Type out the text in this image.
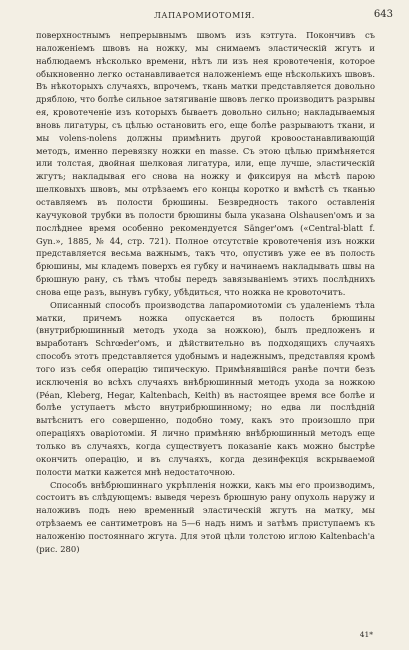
ЛАПАРОМИОТОМІЯ.	643

поверхностнымъ непрерывнымъ швомъ изъ кэтгута. Покончивъ съ наложеніемъ швовъ на ножку, мы снимаемъ эластическій жгутъ и наблюдаемъ нѣсколько времени, нѣтъ ли изъ нея кровотеченія, которое обыкновенно легко останавливается наложеніемъ еще нѣсколькихъ швовъ. Въ нѣкоторыхъ случаяхъ, впрочемъ, ткань матки представляется довольно дряблою, что болѣе сильное затягиваніе швовъ легко производитъ разрывы ея, кровотеченіе изъ которыхъ бываетъ довольно сильно; накладываемыя вновь лигатуры, съ цѣлью остановить его, еще болѣе разрываютъ ткани, и мы volens-nolens должны примѣнить другой кровоостанавливающій методъ, именно перевязку ножки en masse. Съ этою цѣлью примѣняется или толстая, двойная шелковая лигатура, или, еще лучше, эластическій жгутъ; накладывая его снова на ножку и фиксируя на мѣстѣ парою шелковыхъ швовъ, мы отрѣзаемъ его концы коротко и вмѣстѣ съ тканью оставляемъ въ полости брюшины. Безвредность такого оставленія каучуковой трубки въ полости брюшины была указана Olshausen'омъ и за послѣднее время особенно рекомендуется Sänger'омъ («Central-blatt f. Gyn.», 1885, № 44, стр. 721). Полное отсутствіе кровотеченія изъ ножки представляется весьма важнымъ, такъ что, опустивъ уже ее въ полость брюшины, мы кладемъ поверхъ ея губку и начинаемъ накладывать швы на брюшную рану, съ тѣмъ чтобы передъ завязываніемъ этихъ послѣднихъ снова еще разъ, вынувъ губку, убѣдиться, что ножка не кровоточитъ.

Описанный способъ производства лапаромиотоміи съ удаленіемъ тѣла матки, причемъ ножка опускается въ полость брюшины (внутрибрюшинный методъ ухода за ножкою), былъ предложенъ и выработанъ Schrœder'омъ, и дѣйствительно въ подходящихъ случаяхъ способъ этотъ представляется удобнымъ и надежнымъ, представляя кромѣ того изъ себя операцію типическую. Примѣнявшійся ранѣе почти безъ исключенія во всѣхъ случаяхъ внѣбрюшинный методъ ухода за ножкою (Péan, Kleberg, Hegar, Kaltenbach, Keith) въ настоящее время все болѣе и болѣе уступаетъ мѣсто внутрибрюшинному; но едва ли послѣдній вытѣснитъ его совершенно, подобно тому, какъ это произошло при операціяхъ оваріотоміи. Я лично примѣняю внѣбрюшинный методъ еще только въ случаяхъ, когда существуетъ показаніе какъ можно быстрѣе окончить операцію, и въ случаяхъ, когда дезинфекція вскрываемой полости матки кажется мнѣ недостаточною.

Способъ внѣбрюшиннаго укрѣпленія ножки, какъ мы его производимъ, состоитъ въ слѣдующемъ: выведя черезъ брюшную рану опухоль наружу и наложивъ подъ нею временный эластическій жгутъ на матку, мы отрѣзаемъ ее сантиметровъ на 5—6 надъ нимъ и затѣмъ приступаемъ къ наложенію постояннаго жгута. Для этой цѣли толстою иглою Kaltenbach'а (рис. 280)

41*
